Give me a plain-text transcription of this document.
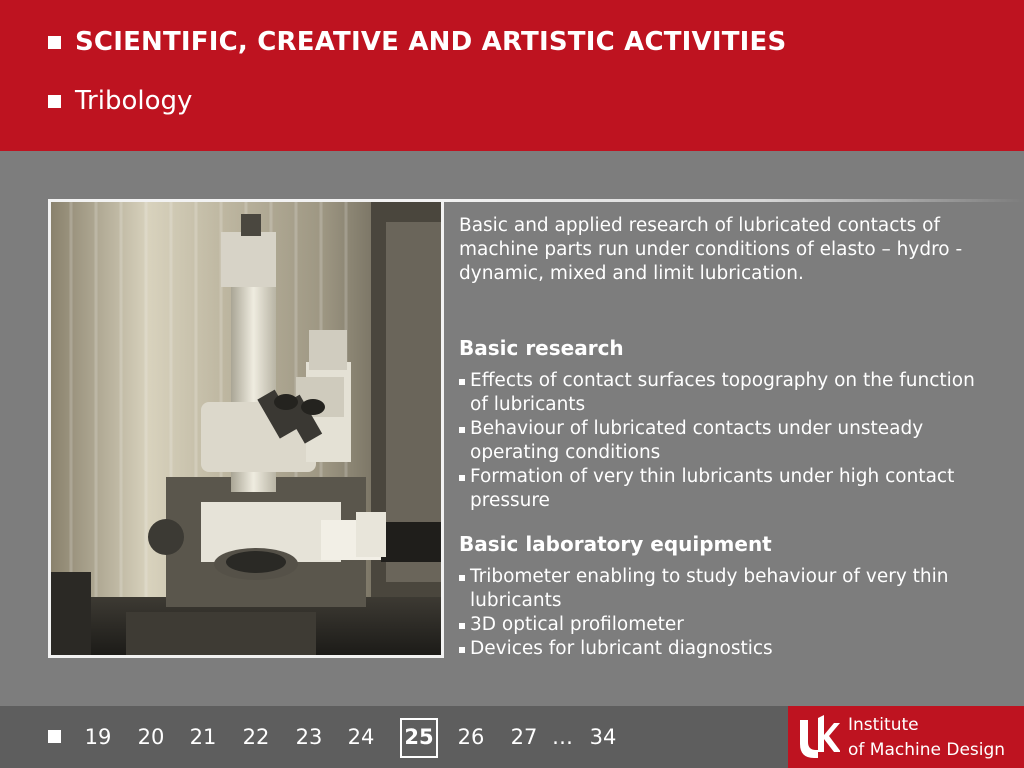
SCIENTIFIC, CREATIVE AND ARTISTIC ACTIVITIES
Tribology

Basic and applied research of lubricated contacts of machine parts run under conditions of elasto – hydro - dynamic, mixed and limit lubrication.

Basic research
Effects of contact surfaces topography on the function of lubricants
Behaviour of lubricated contacts under unsteady operating conditions
Formation of very thin lubricants under high contact pressure
Basic laboratory equipment
Tribometer enabling to study behaviour of very thin lubricants
3D optical profilometer
Devices for lubricant diagnostics
19 20 21 22 23 24 25 26 27 … 34	Institute
of Machine Design
